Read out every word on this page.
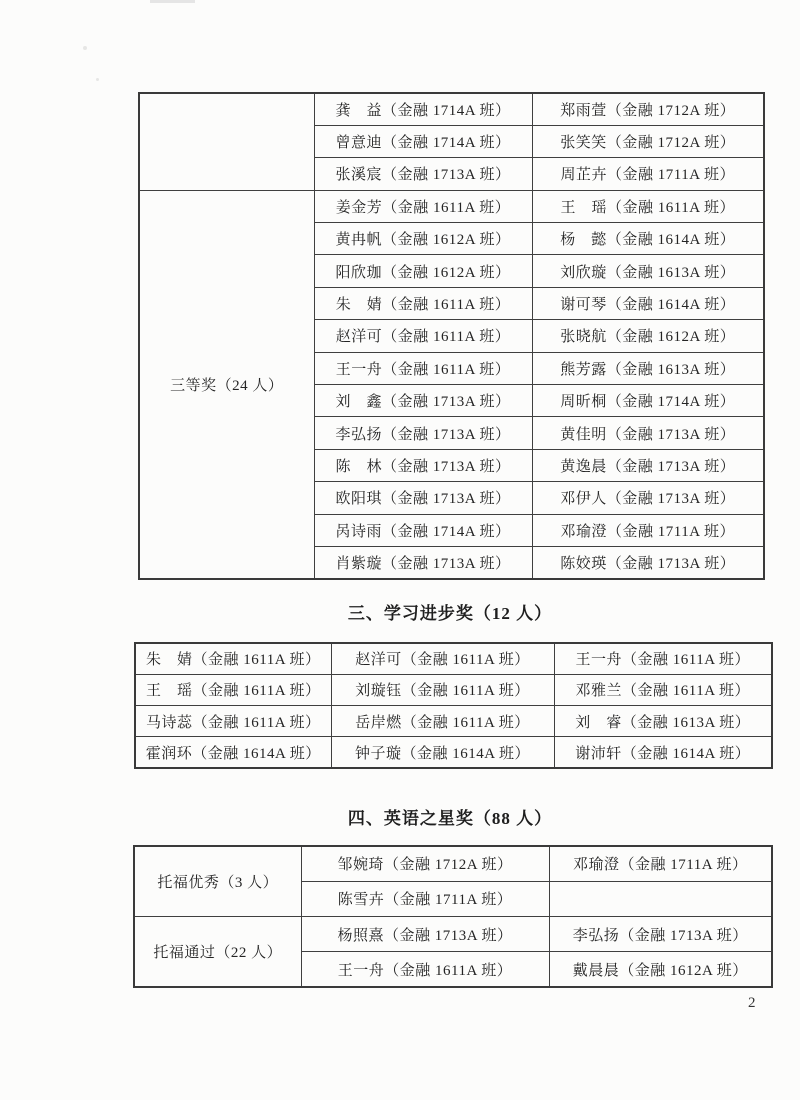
	龚　益（金融 1714A 班）	郑雨萱（金融 1712A 班）
	曾意迪（金融 1714A 班）	张笑笑（金融 1712A 班）
	张溪宸（金融 1713A 班）	周芷卉（金融 1711A 班）
三等奖（24 人）	姜金芳（金融 1611A 班）	王　瑶（金融 1611A 班）
	黄冉帆（金融 1612A 班）	杨　懿（金融 1614A 班）
	阳欣珈（金融 1612A 班）	刘欣璇（金融 1613A 班）
	朱　婧（金融 1611A 班）	谢可琴（金融 1614A 班）
	赵洋可（金融 1611A 班）	张晓航（金融 1612A 班）
	王一舟（金融 1611A 班）	熊芳露（金融 1613A 班）
	刘　鑫（金融 1713A 班）	周昕桐（金融 1714A 班）
	李弘扬（金融 1713A 班）	黄佳明（金融 1713A 班）
	陈　林（金融 1713A 班）	黄逸晨（金融 1713A 班）
	欧阳琪（金融 1713A 班）	邓伊人（金融 1713A 班）
	呙诗雨（金融 1714A 班）	邓瑜澄（金融 1711A 班）
	肖紫璇（金融 1713A 班）	陈姣瑛（金融 1713A 班）
三、学习进步奖（12 人）
朱　婧（金融 1611A 班）	赵洋可（金融 1611A 班）	王一舟（金融 1611A 班）
王　瑶（金融 1611A 班）	刘璇钰（金融 1611A 班）	邓雅兰（金融 1611A 班）
马诗蕊（金融 1611A 班）	岳岸燃（金融 1611A 班）	刘　睿（金融 1613A 班）
霍润环（金融 1614A 班）	钟子璇（金融 1614A 班）	谢沛轩（金融 1614A 班）
四、英语之星奖（88 人）
托福优秀（3 人）	邹婉琦（金融 1712A 班）	邓瑜澄（金融 1711A 班）
	陈雪卉（金融 1711A 班）	
托福通过（22 人）	杨照熹（金融 1713A 班）	李弘扬（金融 1713A 班）
	王一舟（金融 1611A 班）	戴晨晨（金融 1612A 班）
2
